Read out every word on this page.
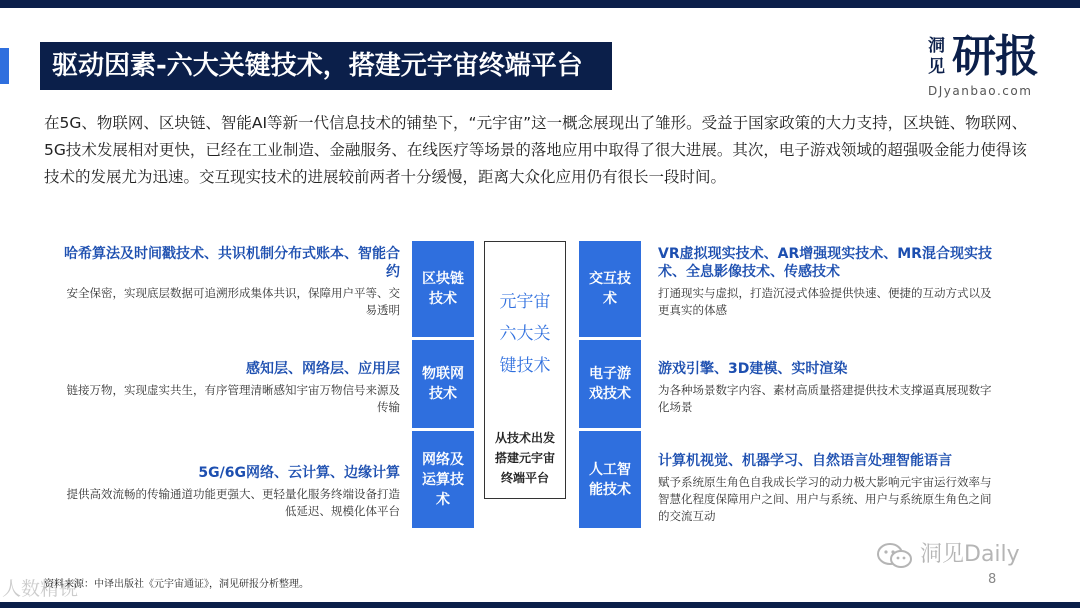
驱动因素-六大关键技术，搭建元宇宙终端平台
洞见 研报
DJyanbao.com
在5G、物联网、区块链、智能AI等新一代信息技术的铺垫下，“元宇宙”这一概念展现出了雏形。受益于国家政策的大力支持，区块链、物联网、5G技术发展相对更快，已经在工业制造、金融服务、在线医疗等场景的落地应用中取得了很大进展。其次，电子游戏领域的超强吸金能力使得该技术的发展尤为迅速。交互现实技术的进展较前两者十分缓慢，距离大众化应用仍有很长一段时间。
哈希算法及时间戳技术、共识机制分布式账本、智能合约
安全保密，实现底层数据可追溯形成集体共识，保障用户平等、交易透明
感知层、网络层、应用层
链接万物，实现虚实共生，有序管理清晰感知宇宙万物信号来源及传输
5G/6G网络、云计算、边缘计算
提供高效流畅的传输通道功能更强大、更轻量化服务终端设备打造低延迟、规模化体平台
区块链技术
物联网技术
网络及运算技术
元宇宙六大关键技术
从技术出发搭建元宇宙终端平台
交互技术
电子游戏技术
人工智能技术
VR虚拟现实技术、AR增强现实技术、MR混合现实技术、全息影像技术、传感技术
打通现实与虚拟，打造沉浸式体验提供快速、便捷的互动方式以及更真实的体感
游戏引擎、3D建模、实时渲染
为各种场景数字内容、素材高质量搭建提供技术支撑逼真展现数字化场景
计算机视觉、机器学习、自然语言处理智能语言
赋予系统原生角色自我成长学习的动力极大影响元宇宙运行效率与智慧化程度保障用户之间、用户与系统、用户与系统原生角色之间的交流互动
洞见Daily
人数精锐
资料来源：中译出版社《元宇宙通证》，洞见研报分析整理。	8
